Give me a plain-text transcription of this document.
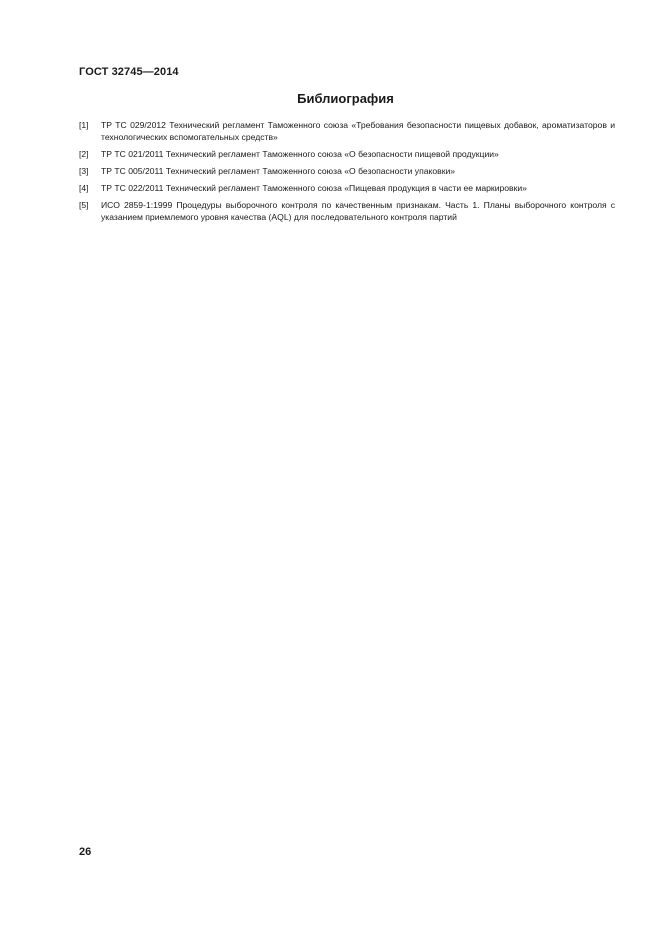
ГОСТ 32745—2014
Библиография
[1]	ТР ТС 029/2012 Технический регламент Таможенного союза «Требования безопасности пищевых добавок, ароматизаторов и технологических вспомогательных средств»
[2]	ТР ТС 021/2011 Технический регламент Таможенного союза «О безопасности пищевой продукции»
[3]	ТР ТС 005/2011 Технический регламент Таможенного союза «О безопасности упаковки»
[4]	ТР ТС 022/2011 Технический регламент Таможенного союза «Пищевая продукция в части ее маркировки»
[5]	ИСО 2859-1:1999 Процедуры выборочного контроля по качественным признакам. Часть 1. Планы выборочного контроля с указанием приемлемого уровня качества (AQL) для последовательного контроля партий
26
